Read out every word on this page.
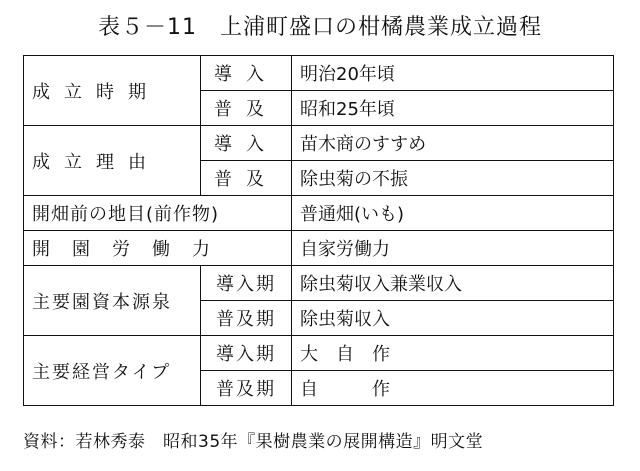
表５－11　上浦町盛口の柑橘農業成立過程
成立時期	導入	明治20年頃
	普及	昭和25年頃
成立理由	導入	苗木商のすすめ
	普及	除虫菊の不振
開畑前の地目(前作物)		普通畑(いも)
開園労働力		自家労働力
主要園資本源泉	導入期	除虫菊収入兼業収入
	普及期	除虫菊収入
主要経営タイプ	導入期	大　自　作
	普及期	自　　　作
資料：若林秀泰　昭和35年『果樹農業の展開構造』明文堂
